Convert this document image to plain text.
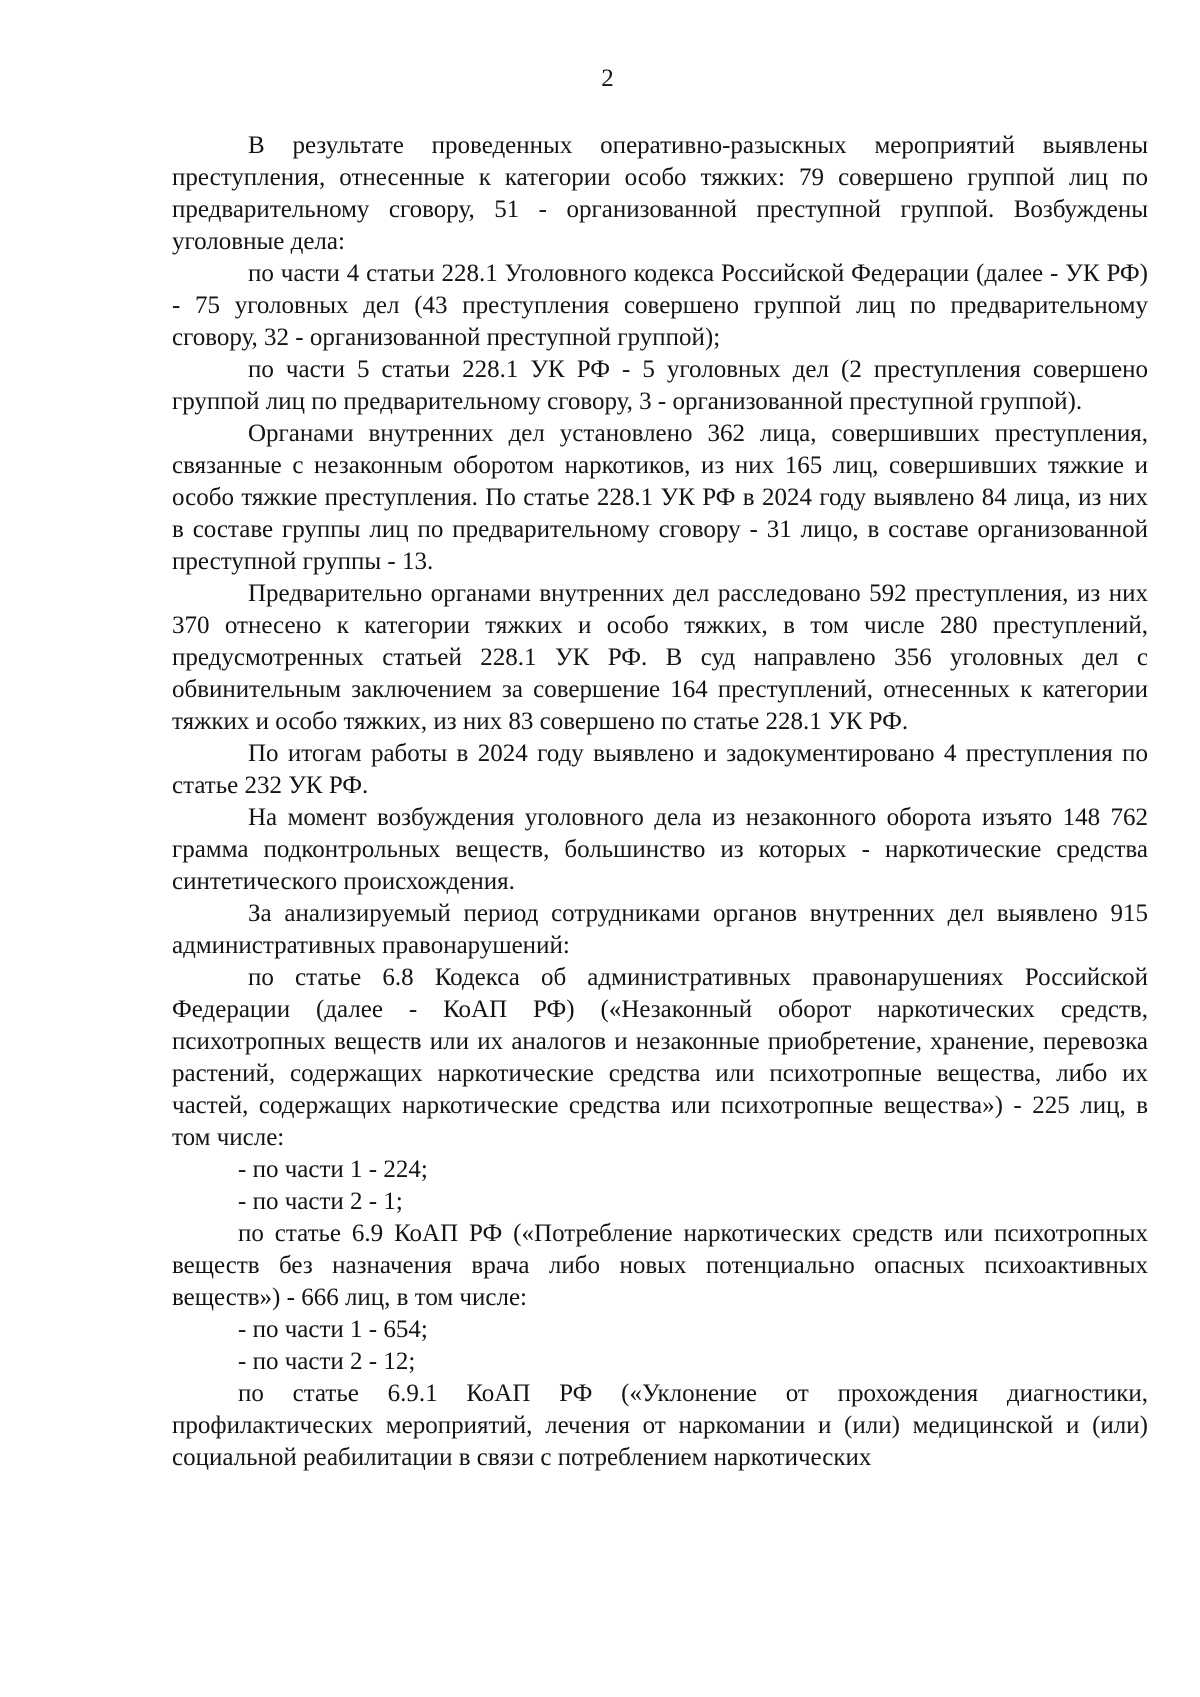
2

В результате проведенных оперативно-разыскных мероприятий выявлены преступления, отнесенные к категории особо тяжких: 79 совершено группой лиц по предварительному сговору, 51 - организованной преступной группой. Возбуждены уголовные дела:

по части 4 статьи 228.1 Уголовного кодекса Российской Федерации (далее - УК РФ) - 75 уголовных дел (43 преступления совершено группой лиц по предварительному сговору, 32 - организованной преступной группой);

по части 5 статьи 228.1 УК РФ - 5 уголовных дел (2 преступления совершено группой лиц по предварительному сговору, 3 - организованной преступной группой).

Органами внутренних дел установлено 362 лица, совершивших преступления, связанные с незаконным оборотом наркотиков, из них 165 лиц, совершивших тяжкие и особо тяжкие преступления. По статье 228.1 УК РФ в 2024 году выявлено 84 лица, из них в составе группы лиц по предварительному сговору - 31 лицо, в составе организованной преступной группы - 13.

Предварительно органами внутренних дел расследовано 592 преступления, из них 370 отнесено к категории тяжких и особо тяжких, в том числе 280 преступлений, предусмотренных статьей 228.1 УК РФ. В суд направлено 356 уголовных дел с обвинительным заключением за совершение 164 преступлений, отнесенных к категории тяжких и особо тяжких, из них 83 совершено по статье 228.1 УК РФ.

По итогам работы в 2024 году выявлено и задокументировано 4 преступления по статье 232 УК РФ.

На момент возбуждения уголовного дела из незаконного оборота изъято 148 762 грамма подконтрольных веществ, большинство из которых - наркотические средства синтетического происхождения.

За анализируемый период сотрудниками органов внутренних дел выявлено 915 административных правонарушений:

по статье 6.8 Кодекса об административных правонарушениях Российской Федерации (далее - КоАП РФ) («Незаконный оборот наркотических средств, психотропных веществ или их аналогов и незаконные приобретение, хранение, перевозка растений, содержащих наркотические средства или психотропные вещества, либо их частей, содержащих наркотические средства или психотропные вещества») - 225 лиц, в том числе:

- по части 1 - 224;

- по части 2 - 1;

по статье 6.9 КоАП РФ («Потребление наркотических средств или психотропных веществ без назначения врача либо новых потенциально опасных психоактивных веществ») - 666 лиц, в том числе:

- по части 1 - 654;

- по части 2 - 12;

по статье 6.9.1 КоАП РФ («Уклонение от прохождения диагностики, профилактических мероприятий, лечения от наркомании и (или) медицинской и (или) социальной реабилитации в связи с потреблением наркотических
